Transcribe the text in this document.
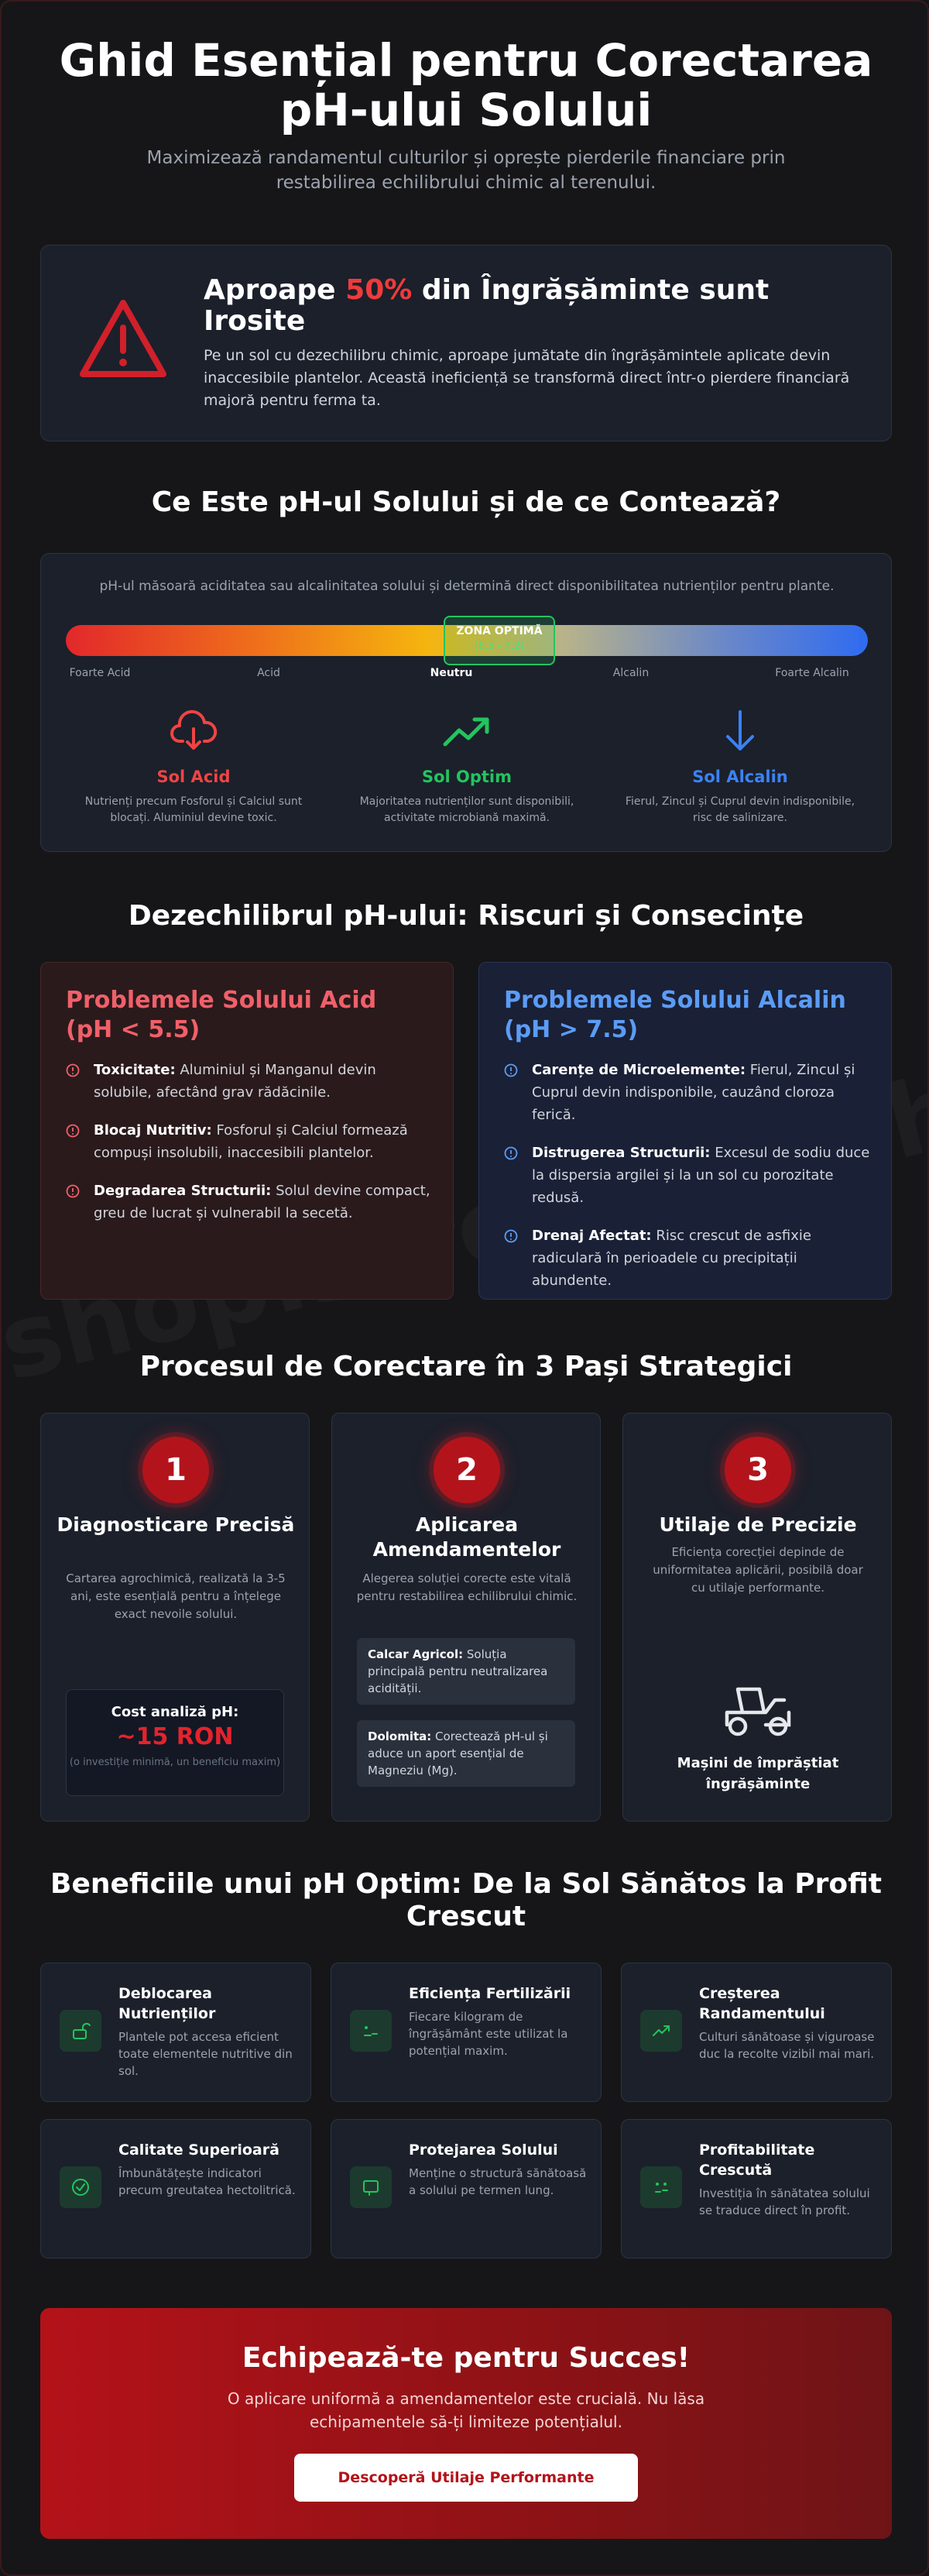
Ghid Esențial pentru Corectarea pH-ului Solului
Maximizează randamentul culturilor și oprește pierderile financiare prin restabilirea echilibrului chimic al terenului.
Aproape 50% din Îngrășăminte sunt Irosite
Pe un sol cu dezechilibru chimic, aproape jumătate din îngrășămintele aplicate devin inaccesibile plantelor. Această ineficiență se transformă direct într-o pierdere financiară majoră pentru ferma ta.
Ce Este pH-ul Solului și de ce Contează?
pH-ul măsoară aciditatea sau alcalinitatea solului și determină direct disponibilitatea nutrienților pentru plante.
ZONA OPTIMĂ
(6.5 - 7.2)
Foarte Acid	Acid	Neutru	Alcalin	Foarte Alcalin
Sol Acid
Nutrienți precum Fosforul și Calciul sunt blocați. Aluminiul devine toxic.
Sol Optim
Majoritatea nutrienților sunt disponibili, activitate microbiană maximă.
Sol Alcalin
Fierul, Zincul și Cuprul devin indisponibile, risc de salinizare.
Dezechilibrul pH-ului: Riscuri și Consecințe
Problemele Solului Acid (pH < 5.5)
Toxicitate: Aluminiul și Manganul devin solubile, afectând grav rădăcinile.
Blocaj Nutritiv: Fosforul și Calciul formează compuși insolubili, inaccesibili plantelor.
Degradarea Structurii: Solul devine compact, greu de lucrat și vulnerabil la secetă.
Problemele Solului Alcalin (pH > 7.5)
Carențe de Microelemente: Fierul, Zincul și Cuprul devin indisponibile, cauzând cloroza ferică.
Distrugerea Structurii: Excesul de sodiu duce la dispersia argilei și la un sol cu porozitate redusă.
Drenaj Afectat: Risc crescut de asfixie radiculară în perioadele cu precipitații abundente.
Procesul de Corectare în 3 Pași Strategici
1
Diagnosticare Precisă
Cartarea agrochimică, realizată la 3-5 ani, este esențială pentru a înțelege exact nevoile solului.
Cost analiză pH:
~15 RON
(o investiție minimă, un beneficiu maxim)
2
Aplicarea Amendamentelor
Alegerea soluției corecte este vitală pentru restabilirea echilibrului chimic.
Calcar Agricol: Soluția principală pentru neutralizarea acidității.
Dolomita: Corectează pH-ul și aduce un aport esențial de Magneziu (Mg).
3
Utilaje de Precizie
Eficiența corecției depinde de uniformitatea aplicării, posibilă doar cu utilaje performante.
Mașini de împrăștiat îngrășăminte
Beneficiile unui pH Optim: De la Sol Sănătos la Profit Crescut
Deblocarea Nutrienților
Plantele pot accesa eficient toate elementele nutritive din sol.
Eficiența Fertilizării
Fiecare kilogram de îngrășământ este utilizat la potențial maxim.
Creșterea Randamentului
Culturi sănătoase și viguroase duc la recolte vizibil mai mari.
Calitate Superioară
Îmbunătățește indicatori precum greutatea hectolitrică.
Protejarea Solului
Menține o structură sănătoasă a solului pe termen lung.
Profitabilitate Crescută
Investiția în sănătatea solului se traduce direct în profit.
Echipează-te pentru Succes!
O aplicare uniformă a amendamentelor este crucială. Nu lăsa echipamentele să-ți limiteze potențialul.
Descoperă Utilaje Performante
